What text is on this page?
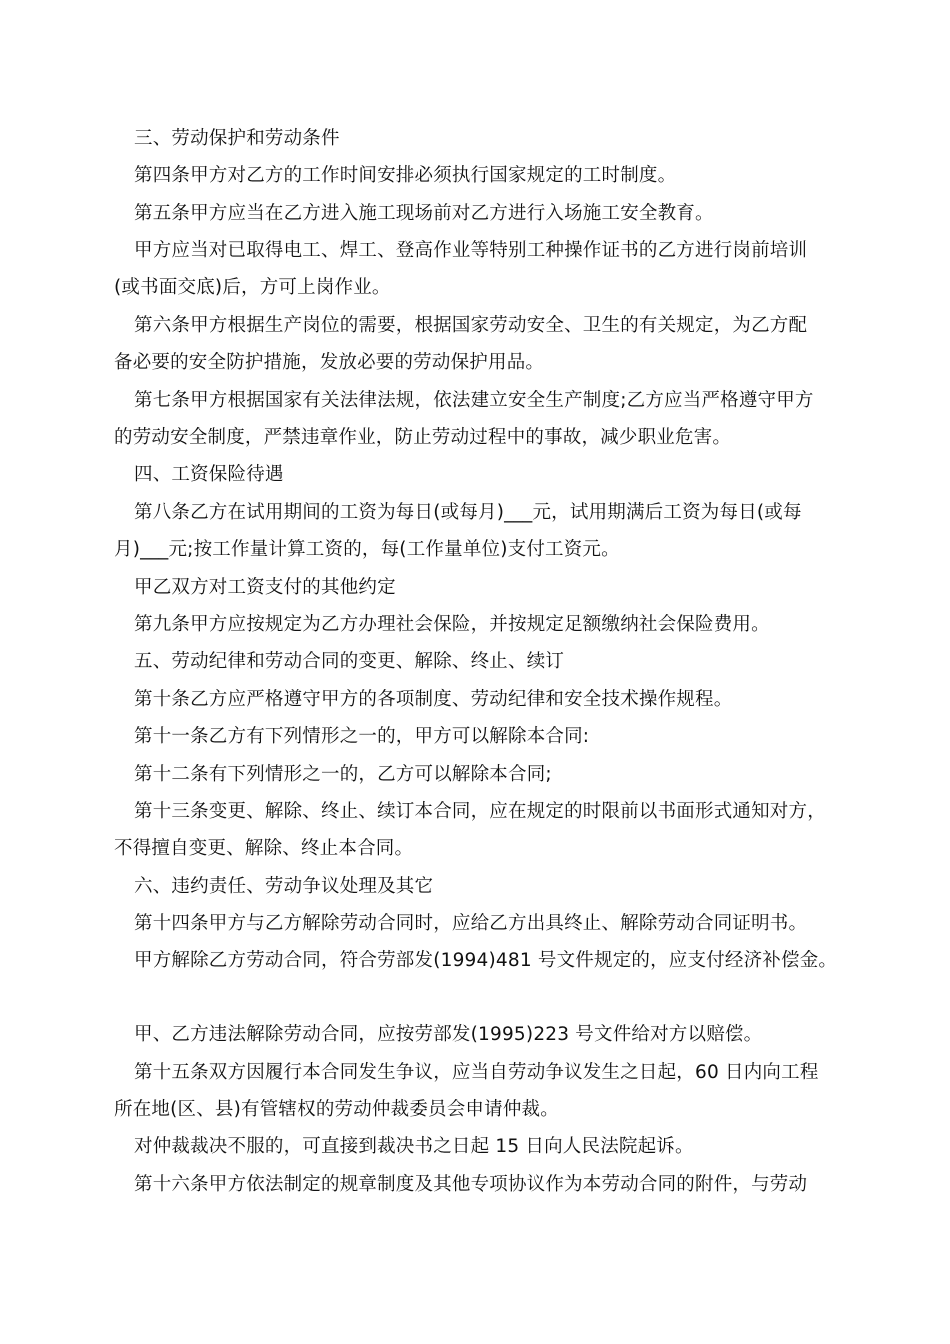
三、劳动保护和劳动条件
第四条甲方对乙方的工作时间安排必须执行国家规定的工时制度。
第五条甲方应当在乙方进入施工现场前对乙方进行入场施工安全教育。
甲方应当对已取得电工、焊工、登高作业等特别工种操作证书的乙方进行岗前培训
(或书面交底)后，方可上岗作业。
第六条甲方根据生产岗位的需要，根据国家劳动安全、卫生的有关规定，为乙方配
备必要的安全防护措施，发放必要的劳动保护用品。
第七条甲方根据国家有关法律法规，依法建立安全生产制度;乙方应当严格遵守甲方
的劳动安全制度，严禁违章作业，防止劳动过程中的事故，减少职业危害。
四、工资保险待遇
第八条乙方在试用期间的工资为每日(或每月)___元，试用期满后工资为每日(或每
月)___元;按工作量计算工资的，每(工作量单位)支付工资元。
甲乙双方对工资支付的其他约定
第九条甲方应按规定为乙方办理社会保险，并按规定足额缴纳社会保险费用。
五、劳动纪律和劳动合同的变更、解除、终止、续订
第十条乙方应严格遵守甲方的各项制度、劳动纪律和安全技术操作规程。
第十一条乙方有下列情形之一的，甲方可以解除本合同:
第十二条有下列情形之一的，乙方可以解除本合同;
第十三条变更、解除、终止、续订本合同，应在规定的时限前以书面形式通知对方，
不得擅自变更、解除、终止本合同。
六、违约责任、劳动争议处理及其它
第十四条甲方与乙方解除劳动合同时，应给乙方出具终止、解除劳动合同证明书。
甲方解除乙方劳动合同，符合劳部发(1994)481 号文件规定的，应支付经济补偿金。
甲、乙方违法解除劳动合同，应按劳部发(1995)223 号文件给对方以赔偿。
第十五条双方因履行本合同发生争议，应当自劳动争议发生之日起，60 日内向工程
所在地(区、县)有管辖权的劳动仲裁委员会申请仲裁。
对仲裁裁决不服的，可直接到裁决书之日起 15 日向人民法院起诉。
第十六条甲方依法制定的规章制度及其他专项协议作为本劳动合同的附件，与劳动
